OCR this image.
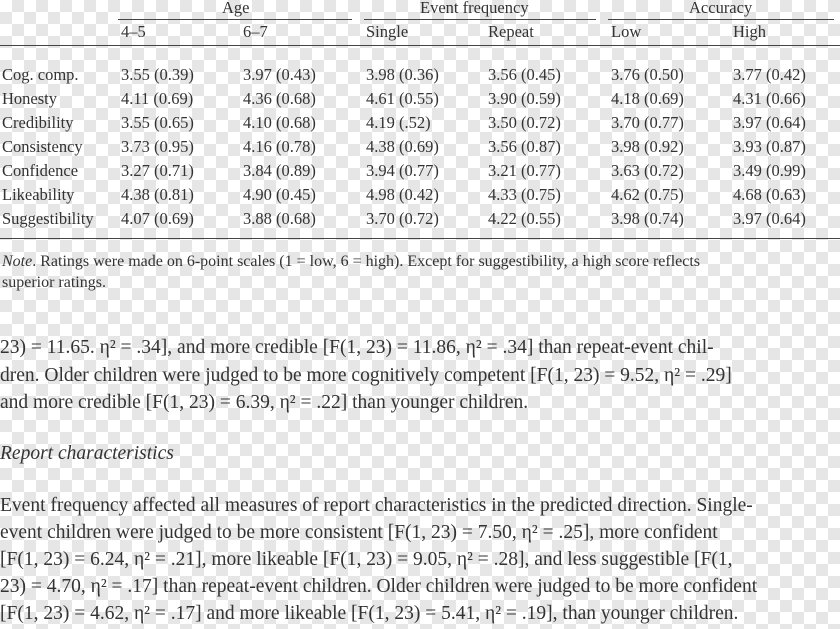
Age	Event frequency	Accuracy
4–5	6–7	Single	Repeat	Low	High
Cog. comp.	3.55 (0.39)	3.97 (0.43)	3.98 (0.36)	3.56 (0.45)	3.76 (0.50)	3.77 (0.42)
Honesty	4.11 (0.69)	4.36 (0.68)	4.61 (0.55)	3.90 (0.59)	4.18 (0.69)	4.31 (0.66)
Credibility	3.55 (0.65)	4.10 (0.68)	4.19 (.52)	3.50 (0.72)	3.70 (0.77)	3.97 (0.64)
Consistency 3.73 (0.95)	4.16 (0.78)	4.38 (0.69)	3.56 (0.87)	3.98 (0.92)	3.93 (0.87)
Confidence	3.27 (0.71)	3.84 (0.89)	3.94 (0.77)	3.21 (0.77)	3.63 (0.72)	3.49 (0.99)
Likeability	4.38 (0.81)	4.90 (0.45)	4.98 (0.42)	4.33 (0.75)	4.62 (0.75)	4.68 (0.63)
Suggestibility 4.07 (0.69)	3.88 (0.68)	3.70 (0.72)	4.22 (0.55)	3.98 (0.74)	3.97 (0.64)
Note. Ratings were made on 6-point scales (1 = low, 6 = high). Except for suggestibility, a high score reflects
superior ratings.
23) = 11.65. η² = .34], and more credible [F(1, 23) = 11.86, η² = .34] than repeat-event chil-
dren. Older children were judged to be more cognitively competent [F(1, 23) = 9.52, η² = .29]
and more credible [F(1, 23) = 6.39, η² = .22] than younger children.
Report characteristics
Event frequency affected all measures of report characteristics in the predicted direction. Single-
event children were judged to be more consistent [F(1, 23) = 7.50, η² = .25], more confident
[F(1, 23) = 6.24, η² = .21], more likeable [F(1, 23) = 9.05, η² = .28], and less suggestible [F(1,
23) = 4.70, η² = .17] than repeat-event children. Older children were judged to be more confident
[F(1, 23) = 4.62, η² = .17] and more likeable [F(1, 23) = 5.41, η² = .19], than younger children.
